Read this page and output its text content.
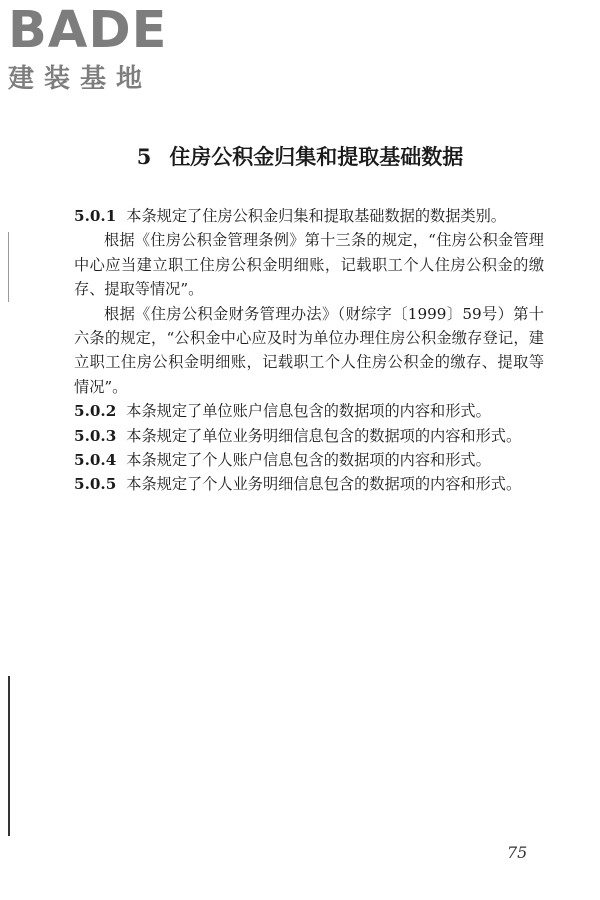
BADE
建装基地
5 住房公积金归集和提取基础数据

5.0.1 本条规定了住房公积金归集和提取基础数据的数据类别。

根据《住房公积金管理条例》第十三条的规定，“住房公积金管理中心应当建立职工住房公积金明细账，记载职工个人住房公积金的缴存、提取等情况”。

根据《住房公积金财务管理办法》（财综字〔1999〕59号）第十六条的规定，“公积金中心应及时为单位办理住房公积金缴存登记，建立职工住房公积金明细账，记载职工个人住房公积金的缴存、提取等情况”。

5.0.2 本条规定了单位账户信息包含的数据项的内容和形式。

5.0.3 本条规定了单位业务明细信息包含的数据项的内容和形式。

5.0.4 本条规定了个人账户信息包含的数据项的内容和形式。

5.0.5 本条规定了个人业务明细信息包含的数据项的内容和形式。

75
